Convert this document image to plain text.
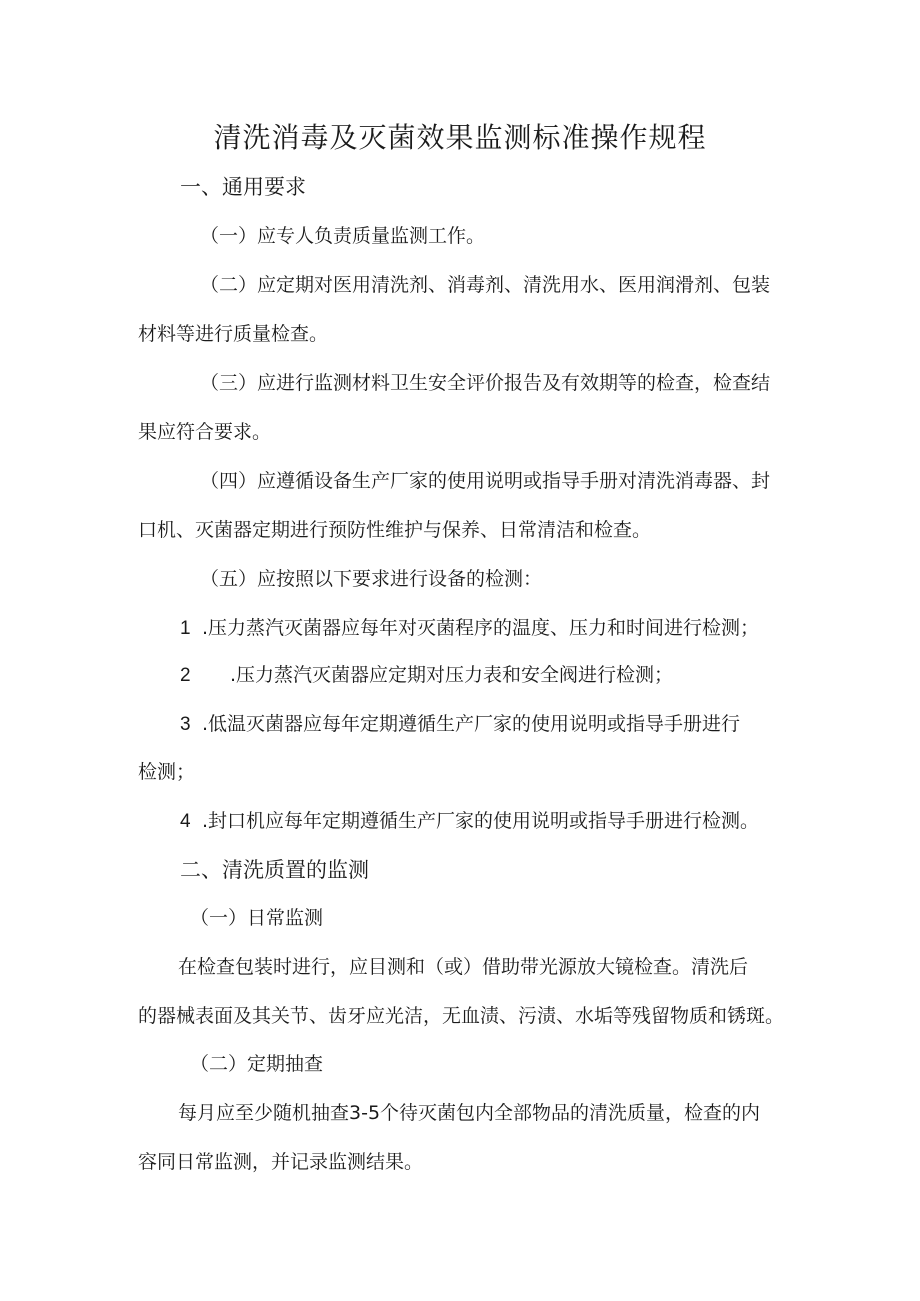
清洗消毒及灭菌效果监测标准操作规程
一、通用要求
（一）应专人负责质量监测工作。
（二）应定期对医用清洗剂、消毒剂、清洗用水、医用润滑剂、包装
材料等进行质量检查。
（三）应进行监测材料卫生安全评价报告及有效期等的检查，检查结
果应符合要求。
（四）应遵循设备生产厂家的使用说明或指导手册对清洗消毒器、封
口机、灭菌器定期进行预防性维护与保养、日常清洁和检查。
（五）应按照以下要求进行设备的检测：
1 .压力蒸汽灭菌器应每年对灭菌程序的温度、压力和时间进行检测；
2 .压力蒸汽灭菌器应定期对压力表和安全阀进行检测；
3 .低温灭菌器应每年定期遵循生产厂家的使用说明或指导手册进行
检测；
4 .封口机应每年定期遵循生产厂家的使用说明或指导手册进行检测。
二、清洗质置的监测
（一）日常监测
在检查包装时进行，应目测和（或）借助带光源放大镜检查。清洗后
的器械表面及其关节、齿牙应光洁，无血渍、污渍、水垢等残留物质和锈斑。
（二）定期抽查
每月应至少随机抽查3-5个待灭菌包内全部物品的清洗质量，检查的内
容同日常监测，并记录监测结果。
